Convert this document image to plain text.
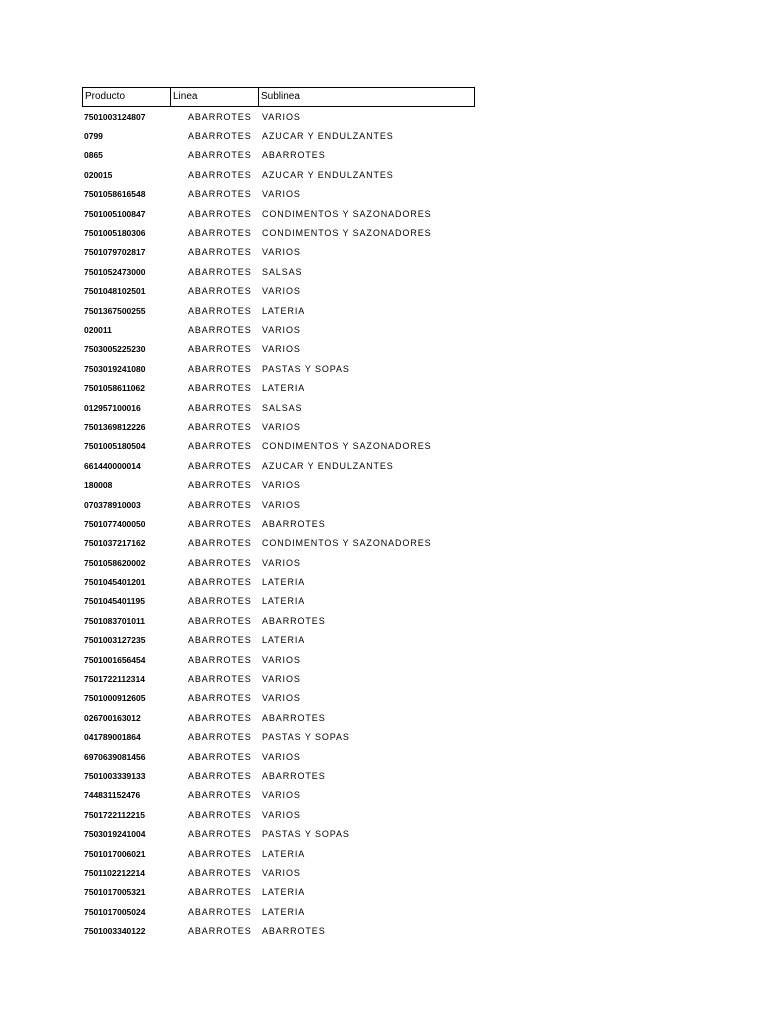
Producto	Linea	Sublinea
7501003124807	ABARROTES	VARIOS
0799	ABARROTES	AZUCAR Y ENDULZANTES
0865	ABARROTES	ABARROTES
020015	ABARROTES	AZUCAR Y ENDULZANTES
7501058616548	ABARROTES	VARIOS
7501005100847	ABARROTES	CONDIMENTOS Y SAZONADORES
7501005180306	ABARROTES	CONDIMENTOS Y SAZONADORES
7501079702817	ABARROTES	VARIOS
7501052473000	ABARROTES	SALSAS
7501048102501	ABARROTES	VARIOS
7501367500255	ABARROTES	LATERIA
020011	ABARROTES	VARIOS
7503005225230	ABARROTES	VARIOS
7503019241080	ABARROTES	PASTAS Y SOPAS
7501058611062	ABARROTES	LATERIA
012957100016	ABARROTES	SALSAS
7501369812226	ABARROTES	VARIOS
7501005180504	ABARROTES	CONDIMENTOS Y SAZONADORES
661440000014	ABARROTES	AZUCAR Y ENDULZANTES
180008	ABARROTES	VARIOS
070378910003	ABARROTES	VARIOS
7501077400050	ABARROTES	ABARROTES
7501037217162	ABARROTES	CONDIMENTOS Y SAZONADORES
7501058620002	ABARROTES	VARIOS
7501045401201	ABARROTES	LATERIA
7501045401195	ABARROTES	LATERIA
7501083701011	ABARROTES	ABARROTES
7501003127235	ABARROTES	LATERIA
7501001656454	ABARROTES	VARIOS
7501722112314	ABARROTES	VARIOS
7501000912605	ABARROTES	VARIOS
026700163012	ABARROTES	ABARROTES
041789001864	ABARROTES	PASTAS Y SOPAS
6970639081456	ABARROTES	VARIOS
7501003339133	ABARROTES	ABARROTES
744831152476	ABARROTES	VARIOS
7501722112215	ABARROTES	VARIOS
7503019241004	ABARROTES	PASTAS Y SOPAS
7501017006021	ABARROTES	LATERIA
7501102212214	ABARROTES	VARIOS
7501017005321	ABARROTES	LATERIA
7501017005024	ABARROTES	LATERIA
7501003340122	ABARROTES	ABARROTES
